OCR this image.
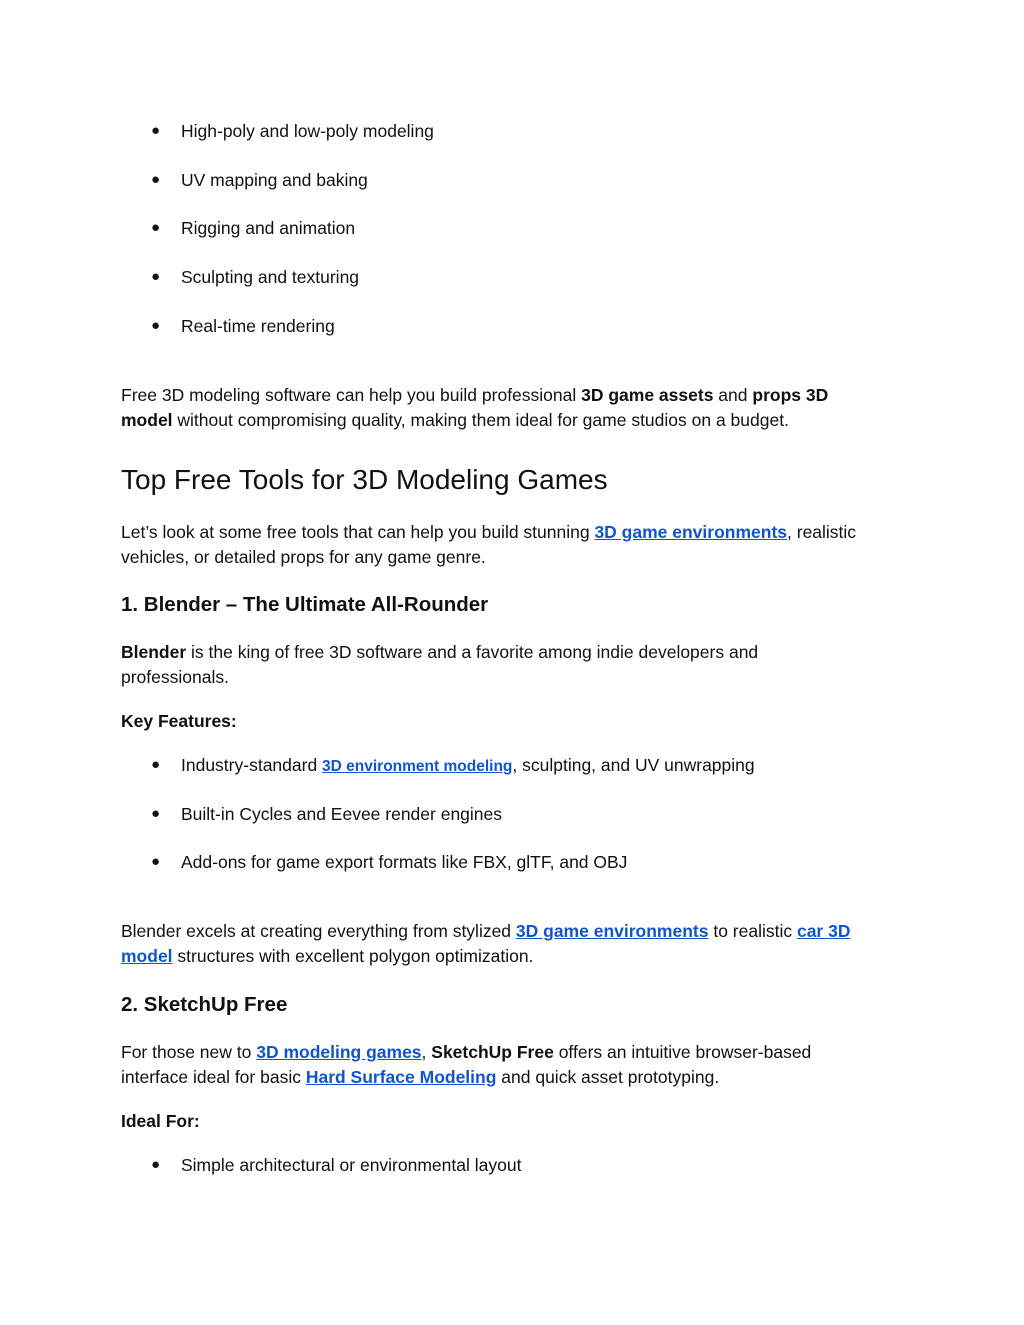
● High-poly and low-poly modeling
● UV mapping and baking
● Rigging and animation
● Sculpting and texturing
● Real-time rendering
Free 3D modeling software can help you build professional 3D game assets and props 3D
model without compromising quality, making them ideal for game studios on a budget.
Top Free Tools for 3D Modeling Games
Let’s look at some free tools that can help you build stunning 3D game environments, realistic
vehicles, or detailed props for any game genre.
1. Blender – The Ultimate All-Rounder
Blender is the king of free 3D software and a favorite among indie developers and
professionals.
Key Features:
● Industry-standard 3D environment modeling, sculpting, and UV unwrapping
● Built-in Cycles and Eevee render engines
● Add-ons for game export formats like FBX, glTF, and OBJ
Blender excels at creating everything from stylized 3D game environments to realistic car 3D
model structures with excellent polygon optimization.
2. SketchUp Free
For those new to 3D modeling games, SketchUp Free offers an intuitive browser-based
interface ideal for basic Hard Surface Modeling and quick asset prototyping.
Ideal For:
● Simple architectural or environmental layout
